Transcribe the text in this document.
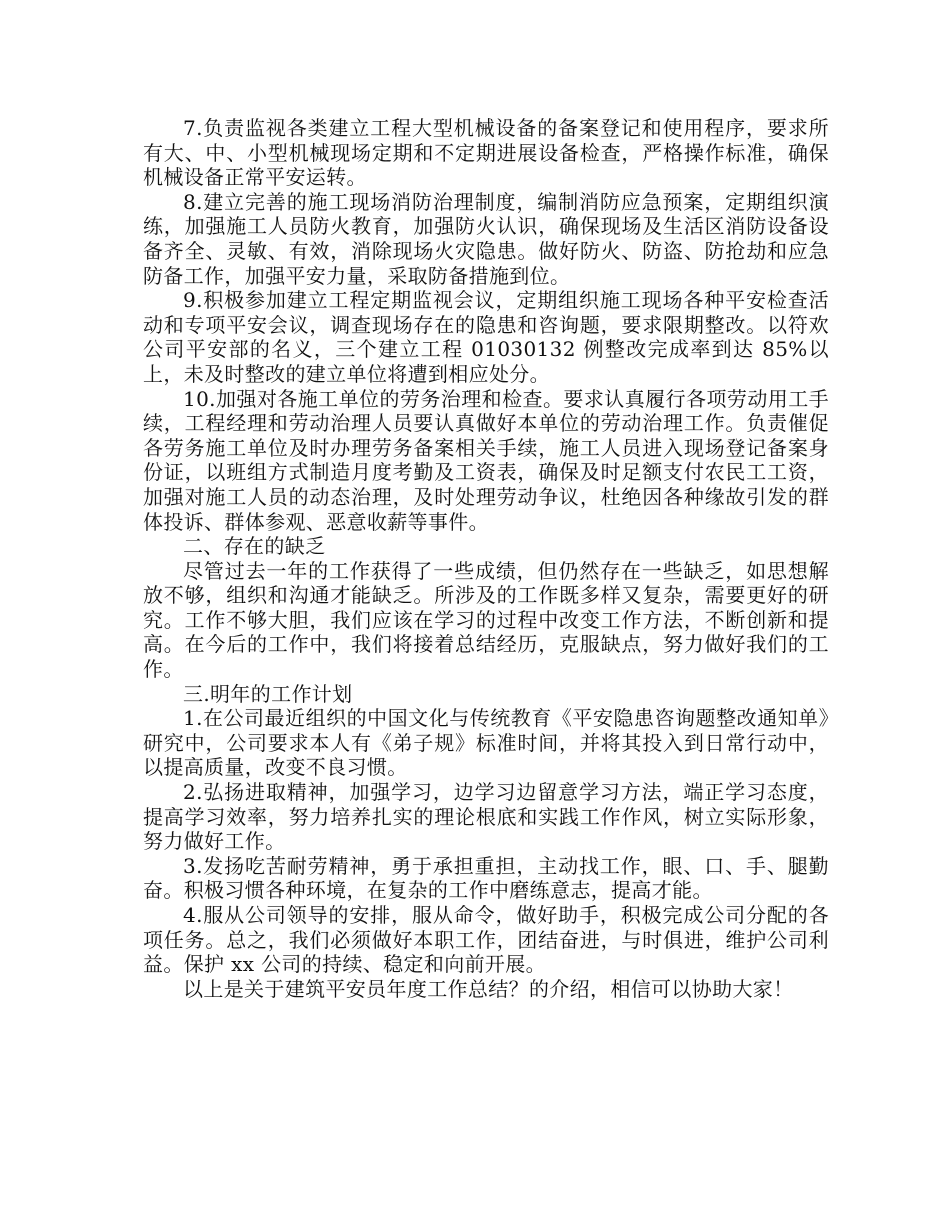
7.负责监视各类建立工程大型机械设备的备案登记和使用程序，要求所有大、中、小型机械现场定期和不定期进展设备检查，严格操作标准，确保机械设备正常平安运转。

8.建立完善的施工现场消防治理制度，编制消防应急预案，定期组织演练，加强施工人员防火教育，加强防火认识，确保现场及生活区消防设备设备齐全、灵敏、有效，消除现场火灾隐患。做好防火、防盗、防抢劫和应急防备工作，加强平安力量，采取防备措施到位。

9.积极参加建立工程定期监视会议，定期组织施工现场各种平安检查活动和专项平安会议，调查现场存在的隐患和咨询题，要求限期整改。以符欢公司平安部的名义，三个建立工程 01030132 例整改完成率到达 85%以上，未及时整改的建立单位将遭到相应处分。

10.加强对各施工单位的劳务治理和检查。要求认真履行各项劳动用工手续，工程经理和劳动治理人员要认真做好本单位的劳动治理工作。负责催促各劳务施工单位及时办理劳务备案相关手续，施工人员进入现场登记备案身份证，以班组方式制造月度考勤及工资表，确保及时足额支付农民工工资，加强对施工人员的动态治理，及时处理劳动争议，杜绝因各种缘故引发的群体投诉、群体参观、恶意收薪等事件。

二、存在的缺乏

尽管过去一年的工作获得了一些成绩，但仍然存在一些缺乏，如思想解放不够，组织和沟通才能缺乏。所涉及的工作既多样又复杂，需要更好的研究。工作不够大胆，我们应该在学习的过程中改变工作方法，不断创新和提高。在今后的工作中，我们将接着总结经历，克服缺点，努力做好我们的工作。

三.明年的工作计划

1.在公司最近组织的中国文化与传统教育《平安隐患咨询题整改通知单》研究中，公司要求本人有《弟子规》标准时间，并将其投入到日常行动中，以提高质量，改变不良习惯。

2.弘扬进取精神，加强学习，边学习边留意学习方法，端正学习态度，提高学习效率，努力培养扎实的理论根底和实践工作作风，树立实际形象，努力做好工作。

3.发扬吃苦耐劳精神，勇于承担重担，主动找工作，眼、口、手、腿勤奋。积极习惯各种环境，在复杂的工作中磨练意志，提高才能。

4.服从公司领导的安排，服从命令，做好助手，积极完成公司分配的各项任务。总之，我们必须做好本职工作，团结奋进，与时俱进，维护公司利益。保护 xx 公司的持续、稳定和向前开展。

以上是关于建筑平安员年度工作总结？的介绍，相信可以协助大家！
